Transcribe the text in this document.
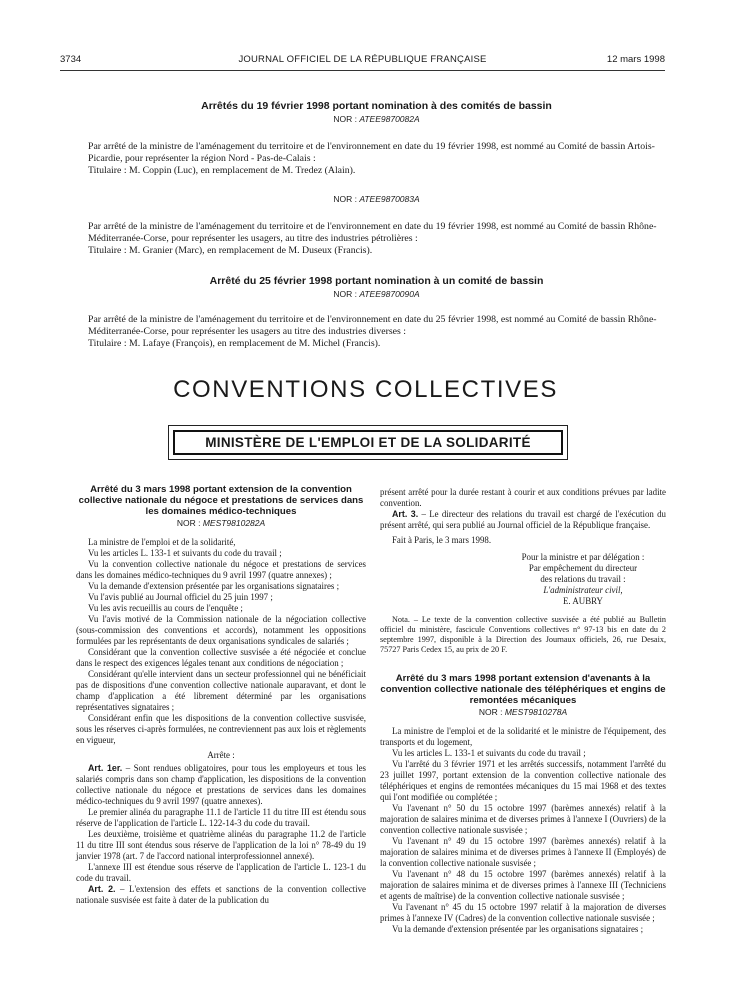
3734	JOURNAL OFFICIEL DE LA RÉPUBLIQUE FRANÇAISE	12 mars 1998
Arrêtés du 19 février 1998 portant nomination à des comités de bassin
NOR : ATEE9870082A

Par arrêté de la ministre de l'aménagement du territoire et de l'environnement en date du 19 février 1998, est nommé au Comité de bassin Artois-Picardie, pour représenter la région Nord - Pas-de-Calais :

Titulaire : M. Coppin (Luc), en remplacement de M. Tredez (Alain).

NOR : ATEE9870083A

Par arrêté de la ministre de l'aménagement du territoire et de l'environnement en date du 19 février 1998, est nommé au Comité de bassin Rhône-Méditerranée-Corse, pour représenter les usagers, au titre des industries pétrolières :

Titulaire : M. Granier (Marc), en remplacement de M. Duseux (Francis).

Arrêté du 25 février 1998 portant nomination à un comité de bassin
NOR : ATEE9870090A

Par arrêté de la ministre de l'aménagement du territoire et de l'environnement en date du 25 février 1998, est nommé au Comité de bassin Rhône-Méditerranée-Corse, pour représenter les usagers au titre des industries diverses :

Titulaire : M. Lafaye (François), en remplacement de M. Michel (Francis).

CONVENTIONS COLLECTIVES
MINISTÈRE DE L'EMPLOI ET DE LA SOLIDARITÉ
Arrêté du 3 mars 1998 portant extension de la convention collective nationale du négoce et prestations de services dans les domaines médico-techniques
NOR : MEST9810282A

La ministre de l'emploi et de la solidarité,

Vu les articles L. 133-1 et suivants du code du travail ;

Vu la convention collective nationale du négoce et prestations de services dans les domaines médico-techniques du 9 avril 1997 (quatre annexes) ;

Vu la demande d'extension présentée par les organisations signataires ;

Vu l'avis publié au Journal officiel du 25 juin 1997 ;

Vu les avis recueillis au cours de l'enquête ;

Vu l'avis motivé de la Commission nationale de la négociation collective (sous-commission des conventions et accords), notamment les oppositions formulées par les représentants de deux organisations syndicales de salariés ;

Considérant que la convention collective susvisée a été négociée et conclue dans le respect des exigences légales tenant aux conditions de négociation ;

Considérant qu'elle intervient dans un secteur professionnel qui ne bénéficiait pas de dispositions d'une convention collective nationale auparavant, et dont le champ d'application a été librement déterminé par les organisations représentatives signataires ;

Considérant enfin que les dispositions de la convention collective susvisée, sous les réserves ci-après formulées, ne contreviennent pas aux lois et règlements en vigueur,

Arrête :

Art. 1er. – Sont rendues obligatoires, pour tous les employeurs et tous les salariés compris dans son champ d'application, les dispositions de la convention collective nationale du négoce et prestations de services dans les domaines médico-techniques du 9 avril 1997 (quatre annexes).

Le premier alinéa du paragraphe 11.1 de l'article 11 du titre III est étendu sous réserve de l'application de l'article L. 122-14-3 du code du travail.

Les deuxième, troisième et quatrième alinéas du paragraphe 11.2 de l'article 11 du titre III sont étendus sous réserve de l'application de la loi n° 78-49 du 19 janvier 1978 (art. 7 de l'accord national interprofessionnel annexé).

L'annexe III est étendue sous réserve de l'application de l'article L. 123-1 du code du travail.

Art. 2. – L'extension des effets et sanctions de la convention collective nationale susvisée est faite à dater de la publication du

présent arrêté pour la durée restant à courir et aux conditions prévues par ladite convention.

Art. 3. – Le directeur des relations du travail est chargé de l'exécution du présent arrêté, qui sera publié au Journal officiel de la République française.

Fait à Paris, le 3 mars 1998.

Pour la ministre et par délégation :

Par empêchement du directeur

des relations du travail :

L'administrateur civil,

E. AUBRY

Nota. – Le texte de la convention collective susvisée a été publié au Bulletin officiel du ministère, fascicule Conventions collectives n° 97-13 bis en date du 2 septembre 1997, disponible à la Direction des Journaux officiels, 26, rue Desaix, 75727 Paris Cedex 15, au prix de 20 F.

Arrêté du 3 mars 1998 portant extension d'avenants à la convention collective nationale des téléphériques et engins de remontées mécaniques
NOR : MEST9810278A

La ministre de l'emploi et de la solidarité et le ministre de l'équipement, des transports et du logement,

Vu les articles L. 133-1 et suivants du code du travail ;

Vu l'arrêté du 3 février 1971 et les arrêtés successifs, notamment l'arrêté du 23 juillet 1997, portant extension de la convention collective nationale des téléphériques et engins de remontées mécaniques du 15 mai 1968 et des textes qui l'ont modifiée ou complétée ;

Vu l'avenant n° 50 du 15 octobre 1997 (barèmes annexés) relatif à la majoration de salaires minima et de diverses primes à l'annexe I (Ouvriers) de la convention collective nationale susvisée ;

Vu l'avenant n° 49 du 15 octobre 1997 (barèmes annexés) relatif à la majoration de salaires minima et de diverses primes à l'annexe II (Employés) de la convention collective nationale susvisée ;

Vu l'avenant n° 48 du 15 octobre 1997 (barèmes annexés) relatif à la majoration de salaires minima et de diverses primes à l'annexe III (Techniciens et agents de maîtrise) de la convention collective nationale susvisée ;

Vu l'avenant n° 45 du 15 octobre 1997 relatif à la majoration de diverses primes à l'annexe IV (Cadres) de la convention collective nationale susvisée ;

Vu la demande d'extension présentée par les organisations signataires ;
